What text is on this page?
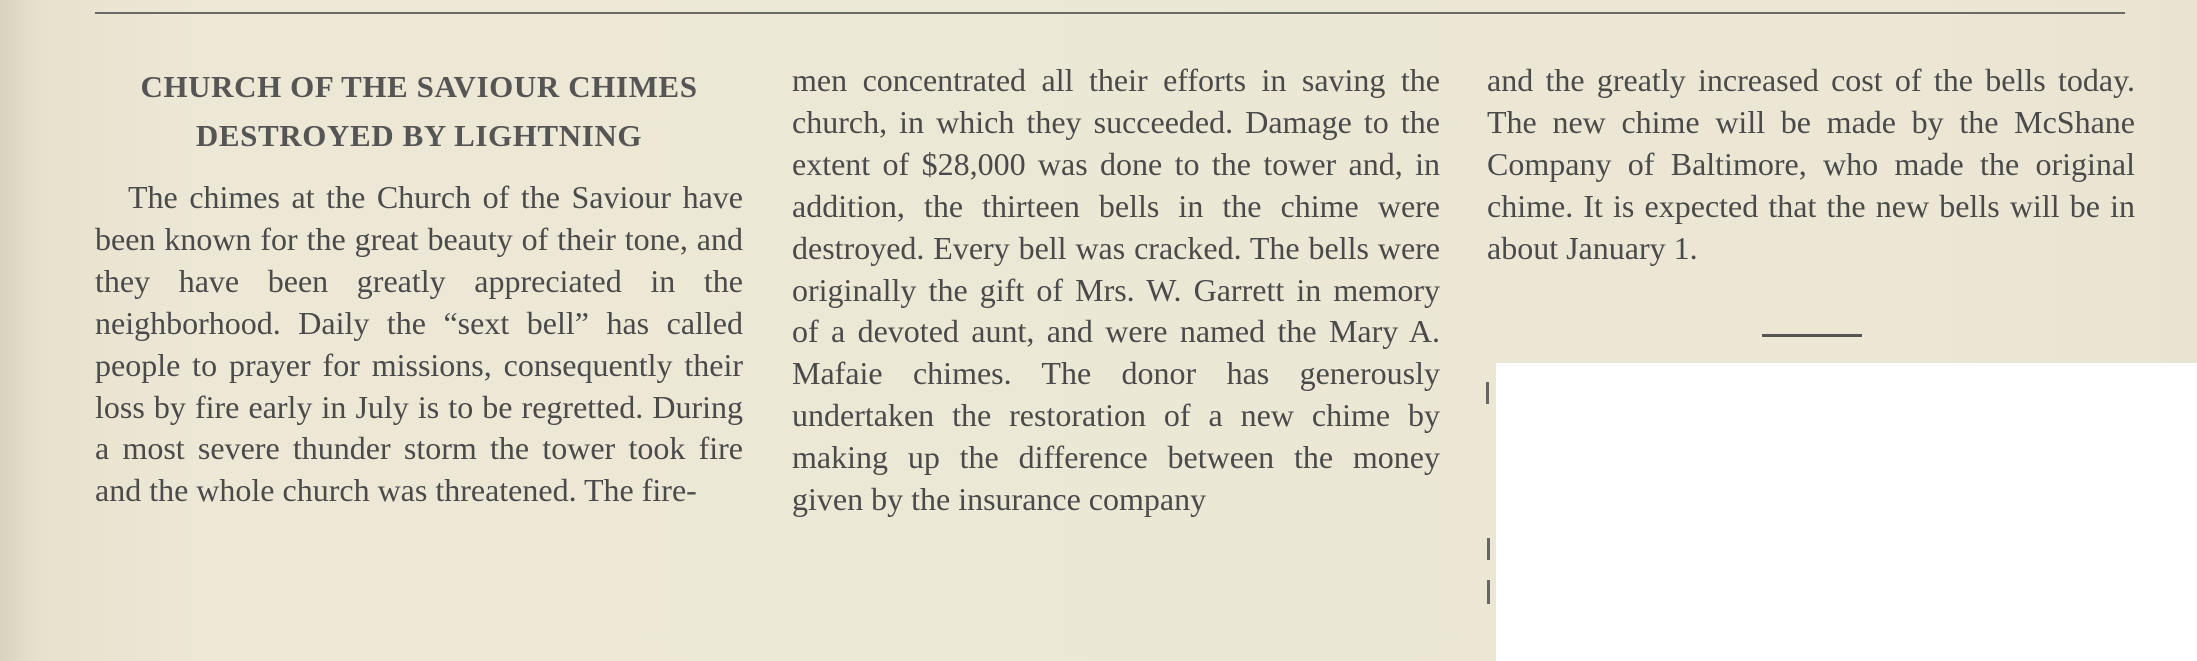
CHURCH OF THE SAVIOUR CHIMES
DESTROYED BY LIGHTNING

The chimes at the Church of the Saviour have been known for the great beauty of their tone, and they have been greatly appreciated in the neighborhood. Daily the “sext bell” has called people to prayer for missions, consequently their loss by fire early in July is to be regretted. During a most severe thunder storm the tower took fire and the whole church was threatened. The fire-

men concentrated all their efforts in saving the church, in which they succeeded. Damage to the extent of $28,000 was done to the tower and, in addition, the thirteen bells in the chime were destroyed. Every bell was cracked. The bells were originally the gift of Mrs. W. Garrett in memory of a devoted aunt, and were named the Mary A. Mafaie chimes. The donor has generously undertaken the restoration of a new chime by making up the difference between the money given by the insurance company

and the greatly increased cost of the bells today. The new chime will be made by the McShane Company of Baltimore, who made the original chime. It is expected that the new bells will be in about January 1.
